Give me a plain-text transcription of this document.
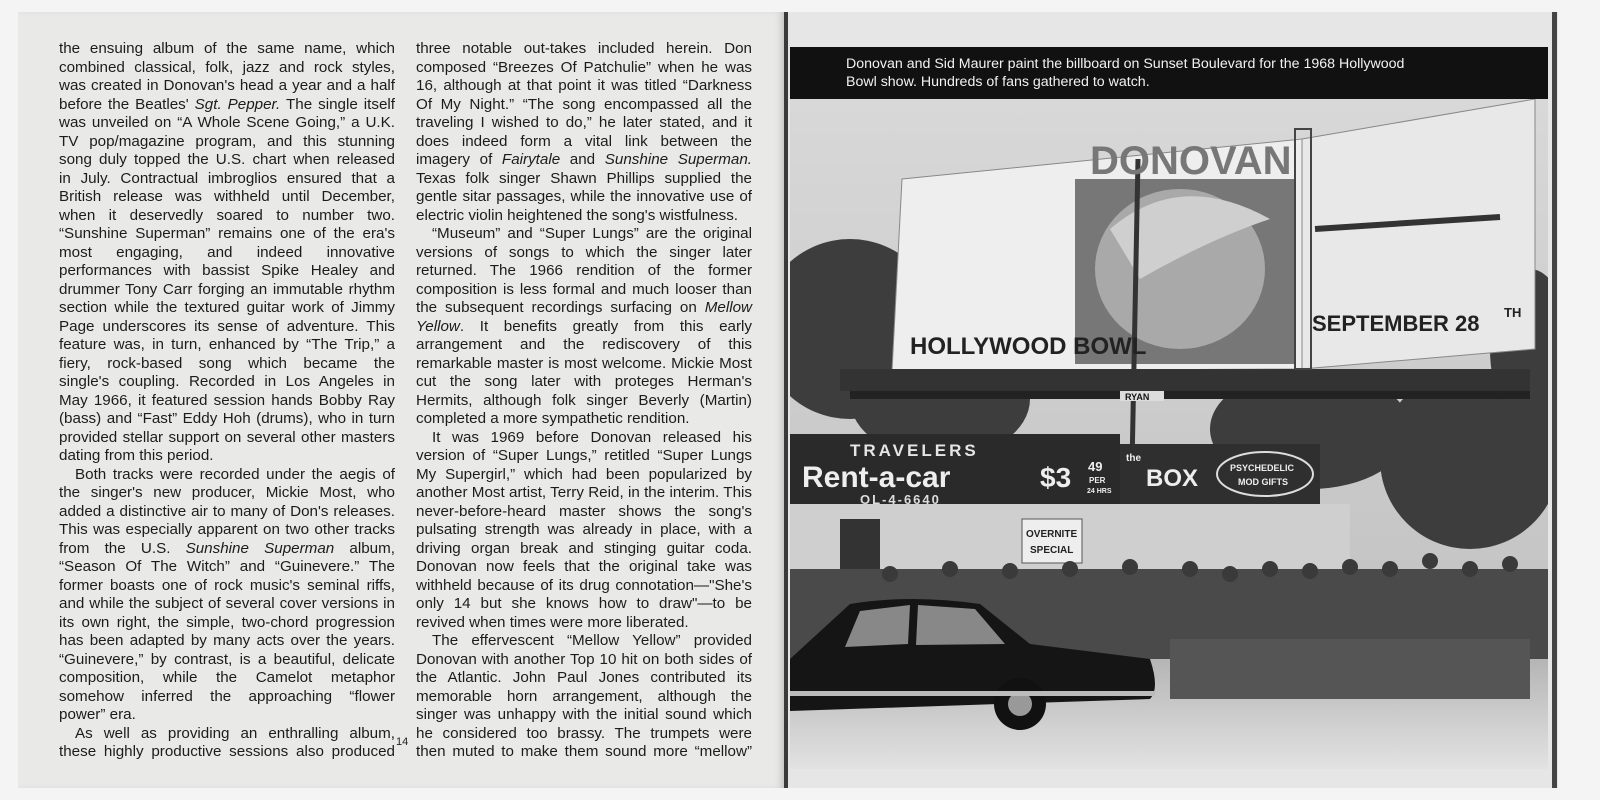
the ensuing album of the same name, which
combined classical, folk, jazz and rock styles,
was created in Donovan's head a year and a half
before the Beatles' Sgt. Pepper. The single itself
was unveiled on “A Whole Scene Going,” a U.K.
TV pop/magazine program, and this stunning
song duly topped the U.S. chart when released
in July. Contractual imbroglios ensured that a
British release was withheld until December,
when it deservedly soared to number two.
“Sunshine Superman” remains one of the era's
most engaging, and indeed innovative
performances with bassist Spike Healey and
drummer Tony Carr forging an immutable rhythm
section while the textured guitar work of Jimmy
Page underscores its sense of adventure. This
feature was, in turn, enhanced by “The Trip,” a
fiery, rock-based song which became the
single's coupling. Recorded in Los Angeles in
May 1966, it featured session hands Bobby Ray
(bass) and “Fast” Eddy Hoh (drums), who in turn
provided stellar support on several other masters
dating from this period.
Both tracks were recorded under the aegis of
the singer's new producer, Mickie Most, who
added a distinctive air to many of Don's releases.
This was especially apparent on two other tracks
from the U.S. Sunshine Superman album,
“Season Of The Witch” and “Guinevere.” The
former boasts one of rock music's seminal riffs,
and while the subject of several cover versions in
its own right, the simple, two-chord progression
has been adapted by many acts over the years.
“Guinevere,” by contrast, is a beautiful, delicate
composition, while the Camelot metaphor
somehow inferred the approaching “flower
power” era.
As well as providing an enthralling album,
these highly productive sessions also produced
three notable out-takes included herein. Don
composed “Breezes Of Patchulie” when he was
16, although at that point it was titled “Darkness
Of My Night.” “The song encompassed all the
traveling I wished to do,” he later stated, and it
does indeed form a vital link between the
imagery of Fairytale and Sunshine Superman.
Texas folk singer Shawn Phillips supplied the
gentle sitar passages, while the innovative use of
electric violin heightened the song's wistfulness.
“Museum” and “Super Lungs” are the original
versions of songs to which the singer later
returned. The 1966 rendition of the former
composition is less formal and much looser than
the subsequent recordings surfacing on Mellow
Yellow. It benefits greatly from this early
arrangement and the rediscovery of this
remarkable master is most welcome. Mickie Most
cut the song later with proteges Herman's
Hermits, although folk singer Beverly (Martin)
completed a more sympathetic rendition.
It was 1969 before Donovan released his
version of “Super Lungs,” retitled “Super Lungs
My Supergirl,” which had been popularized by
another Most artist, Terry Reid, in the interim. This
never-before-heard master shows the song's
pulsating strength was already in place, with a
driving organ break and stinging guitar coda.
Donovan now feels that the original take was
withheld because of its drug connotation—"She's
only 14 but she knows how to draw"—to be
revived when times were more liberated.
The effervescent “Mellow Yellow” provided
Donovan with another Top 10 hit on both sides of
the Atlantic. John Paul Jones contributed its
memorable horn arrangement, although the
singer was unhappy with the initial sound which
he considered too brassy. The trumpets were
then muted to make them sound more “mellow”
14
Donovan and Sid Maurer paint the billboard on Sunset Boulevard for the 1968 Hollywood
Bowl show. Hundreds of fans gathered to watch.
DONOVAN
HOLLYWOOD BOWL
SEPTEMBER 28 TH
RYAN
TRAVELERS
Rent-a-car	$3 49
PER
24 HRS
OL-4-6640
the
BOX	PSYCHEDELIC
MOD GIFTS
OVERNITE
SPECIAL
